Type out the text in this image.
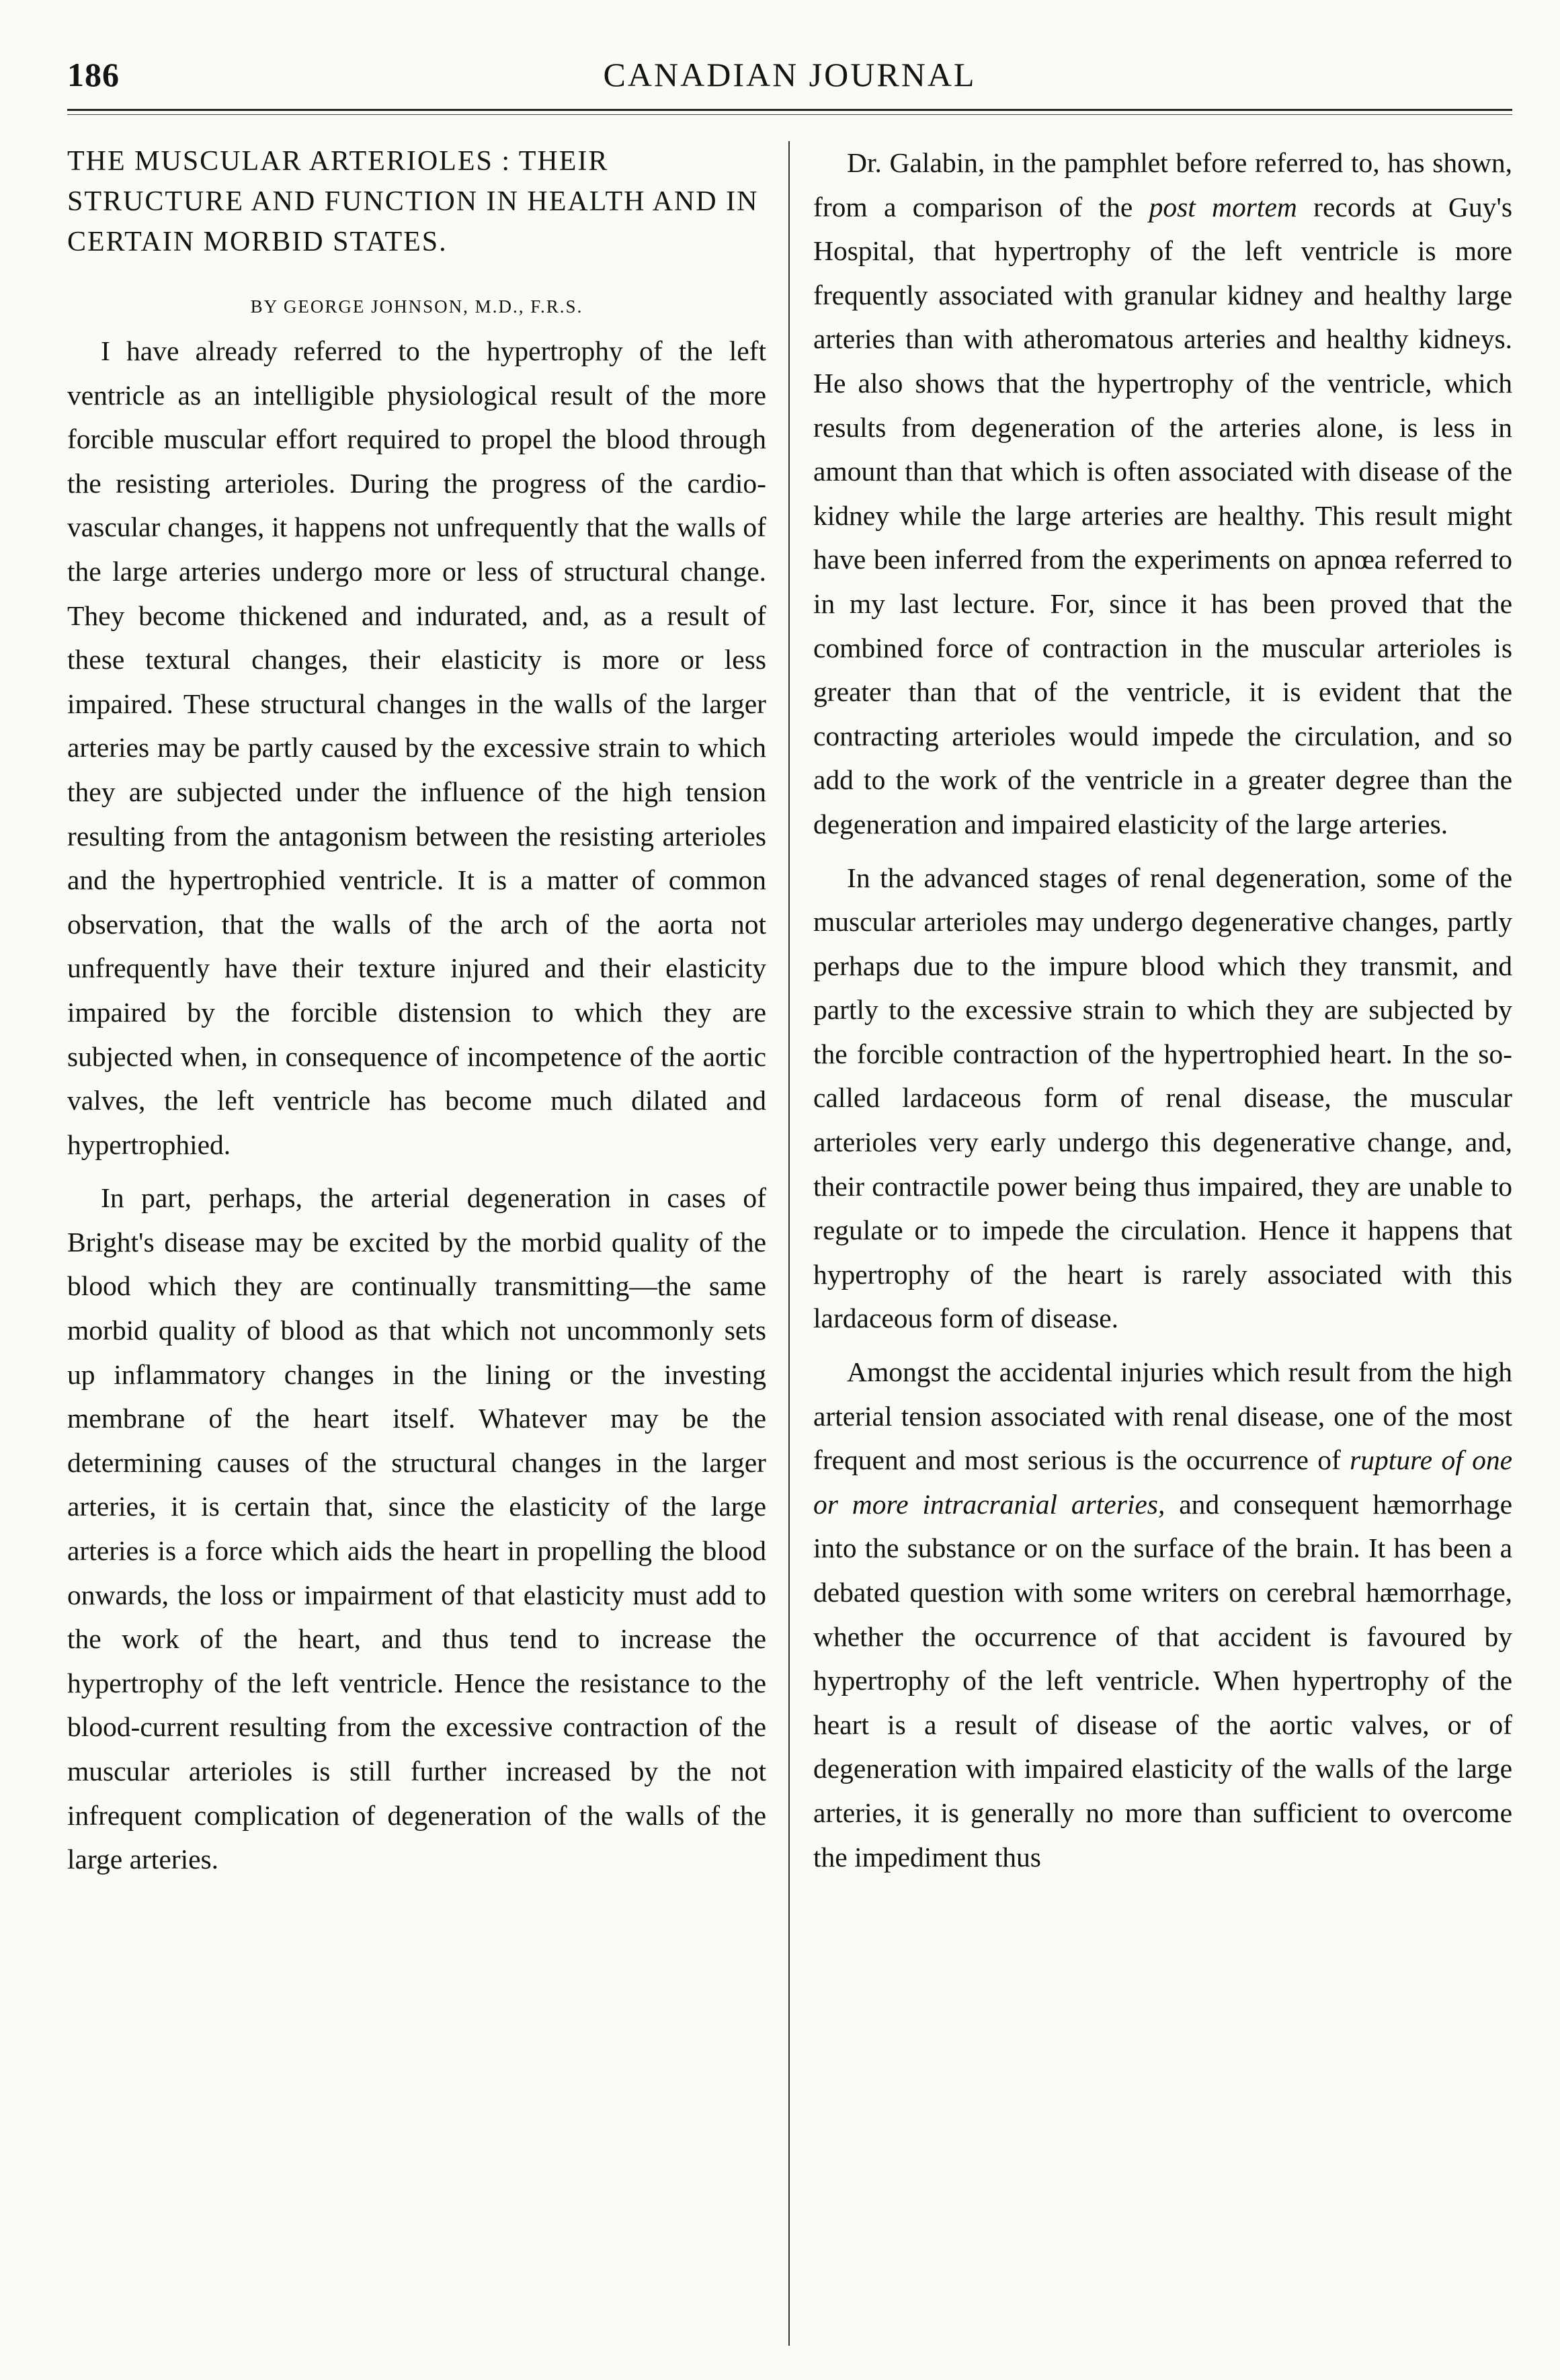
186	CANADIAN JOURNAL
THE MUSCULAR ARTERIOLES : THEIR STRUCTURE AND FUNCTION IN HEALTH AND IN CERTAIN MORBID STATES.
BY GEORGE JOHNSON, M.D., F.R.S.

I have already referred to the hypertrophy of the left ventricle as an intelligible physiological result of the more forcible muscular effort required to propel the blood through the resisting arterioles. During the progress of the cardio-vascular changes, it happens not unfrequently that the walls of the large arteries undergo more or less of structural change. They become thickened and indurated, and, as a result of these textural changes, their elasticity is more or less impaired. These structural changes in the walls of the larger arteries may be partly caused by the excessive strain to which they are subjected under the influence of the high tension resulting from the antagonism between the resisting arterioles and the hypertrophied ventricle. It is a matter of common observation, that the walls of the arch of the aorta not unfrequently have their texture injured and their elasticity impaired by the forcible distension to which they are subjected when, in consequence of incompetence of the aortic valves, the left ventricle has become much dilated and hypertrophied.

In part, perhaps, the arterial degeneration in cases of Bright's disease may be excited by the morbid quality of the blood which they are continually transmitting—the same morbid quality of blood as that which not uncommonly sets up inflammatory changes in the lining or the investing membrane of the heart itself. Whatever may be the determining causes of the structural changes in the larger arteries, it is certain that, since the elasticity of the large arteries is a force which aids the heart in propelling the blood onwards, the loss or impairment of that elasticity must add to the work of the heart, and thus tend to increase the hypertrophy of the left ventricle. Hence the resistance to the blood-current resulting from the excessive contraction of the muscular arterioles is still further increased by the not infrequent complication of degeneration of the walls of the large arteries.

Dr. Galabin, in the pamphlet before referred to, has shown, from a comparison of the post mortem records at Guy's Hospital, that hypertrophy of the left ventricle is more frequently associated with granular kidney and healthy large arteries than with atheromatous arteries and healthy kidneys. He also shows that the hypertrophy of the ventricle, which results from degeneration of the arteries alone, is less in amount than that which is often associated with disease of the kidney while the large arteries are healthy. This result might have been inferred from the experiments on apnœa referred to in my last lecture. For, since it has been proved that the combined force of contraction in the muscular arterioles is greater than that of the ventricle, it is evident that the contracting arterioles would impede the circulation, and so add to the work of the ventricle in a greater degree than the degeneration and impaired elasticity of the large arteries.

In the advanced stages of renal degeneration, some of the muscular arterioles may undergo degenerative changes, partly perhaps due to the impure blood which they transmit, and partly to the excessive strain to which they are subjected by the forcible contraction of the hypertrophied heart. In the so-called lardaceous form of renal disease, the muscular arterioles very early undergo this degenerative change, and, their contractile power being thus impaired, they are unable to regulate or to impede the circulation. Hence it happens that hypertrophy of the heart is rarely associated with this lardaceous form of disease.

Amongst the accidental injuries which result from the high arterial tension associated with renal disease, one of the most frequent and most serious is the occurrence of rupture of one or more intracranial arteries, and consequent hæmorrhage into the substance or on the surface of the brain. It has been a debated question with some writers on cerebral hæmorrhage, whether the occurrence of that accident is favoured by hypertrophy of the left ventricle. When hypertrophy of the heart is a result of disease of the aortic valves, or of degeneration with impaired elasticity of the walls of the large arteries, it is generally no more than sufficient to overcome the impediment thus
